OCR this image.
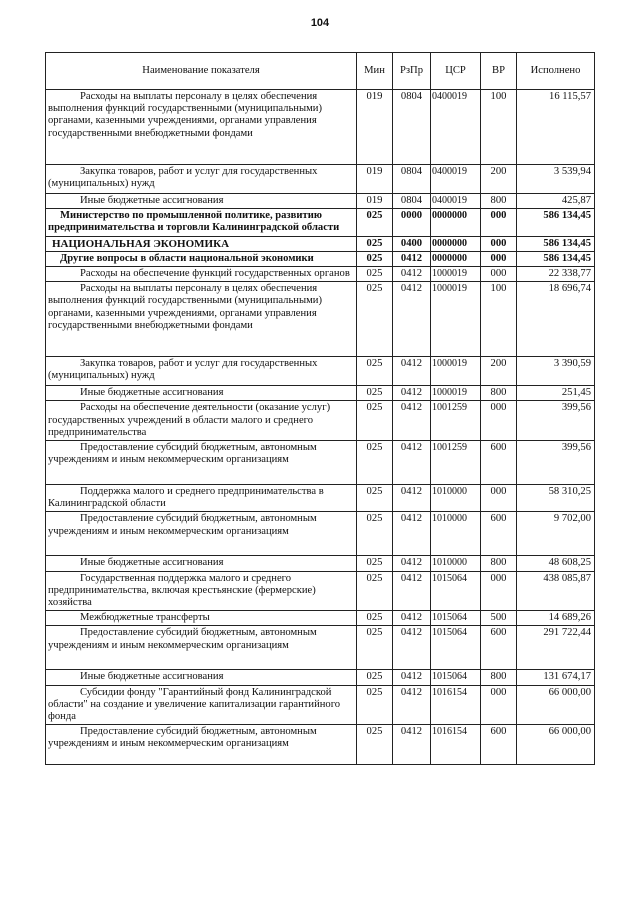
104
Наименование показателя	Мин	РзПр	ЦСР	ВР	Исполнено
Расходы на выплаты персоналу в целях обеспечения выполнения функций государственными (муниципальными) органами, казенными учреждениями, органами управления государственными внебюджетными фондами	019	0804	0400019	100	16 115,57
Закупка товаров, работ и услуг для государственных (муниципальных) нужд	019	0804	0400019	200	3 539,94
Иные бюджетные ассигнования	019	0804	0400019	800	425,87
Министерство по промышленной политике, развитию предпринимательства и торговли Калининградской области	025	0000	0000000	000	586 134,45
НАЦИОНАЛЬНАЯ ЭКОНОМИКА	025	0400	0000000	000	586 134,45
Другие вопросы в области национальной экономики	025	0412	0000000	000	586 134,45
Расходы на обеспечение функций государственных органов	025	0412	1000019	000	22 338,77
Расходы на выплаты персоналу в целях обеспечения выполнения функций государственными (муниципальными) органами, казенными учреждениями, органами управления государственными внебюджетными фондами	025	0412	1000019	100	18 696,74
Закупка товаров, работ и услуг для государственных (муниципальных) нужд	025	0412	1000019	200	3 390,59
Иные бюджетные ассигнования	025	0412	1000019	800	251,45
Расходы на обеспечение деятельности (оказание услуг) государственных учреждений в области малого и среднего предпринимательства	025	0412	1001259	000	399,56
Предоставление субсидий бюджетным, автономным учреждениям и иным некоммерческим организациям	025	0412	1001259	600	399,56
Поддержка малого и среднего предпринимательства в Калининградской области	025	0412	1010000	000	58 310,25
Предоставление субсидий бюджетным, автономным учреждениям и иным некоммерческим организациям	025	0412	1010000	600	9 702,00
Иные бюджетные ассигнования	025	0412	1010000	800	48 608,25
Государственная поддержка малого и среднего предпринимательства, включая крестьянские (фермерские) хозяйства	025	0412	1015064	000	438 085,87
Межбюджетные трансферты	025	0412	1015064	500	14 689,26
Предоставление субсидий бюджетным, автономным учреждениям и иным некоммерческим организациям	025	0412	1015064	600	291 722,44
Иные бюджетные ассигнования	025	0412	1015064	800	131 674,17
Субсидии фонду "Гарантийный фонд Калининградской области" на создание и увеличение капитализации гарантийного фонда	025	0412	1016154	000	66 000,00
Предоставление субсидий бюджетным, автономным учреждениям и иным некоммерческим организациям	025	0412	1016154	600	66 000,00
